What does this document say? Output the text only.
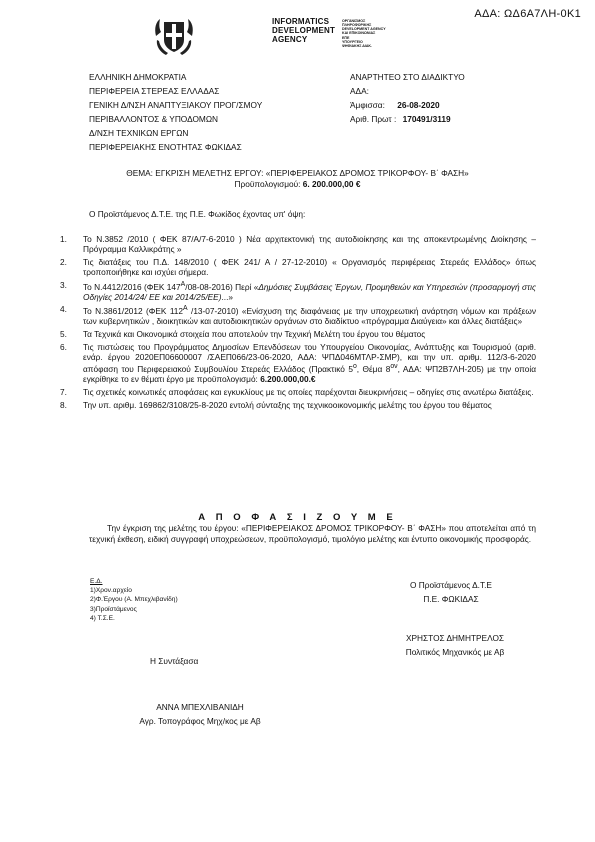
ΑΔΑ: ΩΔ6Α7ΛΗ-0Κ1
INFORMATICS
DEVELOPMENT
AGENCY
ΟΡΓΑΝΙΣΜΟΣ
ΠΛΗΡΟΦΟΡΙΚΗΣ
DEVELOPMENT AGENCY
ΚΑΙ ΕΠΙΚΟΙΝΩΝΙΑΣ
ΕΠΕ
ΥΠΟΥΡΓΕΙΟ
ΨΗΦΙΑΚΗΣ ΔΙΑΚ.
ΕΛΛΗΝΙΚΗ ΔΗΜΟΚΡΑΤΙΑ
ΠΕΡΙΦΕΡΕΙΑ ΣΤΕΡΕΑΣ ΕΛΛΑΔΑΣ
ΓΕΝΙΚΗ Δ/ΝΣΗ ΑΝΑΠΤΥΞΙΑΚΟΥ ΠΡΟΓ/ΣΜΟΥ
ΠΕΡΙΒΑΛΛΟΝΤΟΣ & ΥΠΟΔΟΜΩΝ
Δ/ΝΣΗ ΤΕΧΝΙΚΩΝ ΕΡΓΩΝ
ΠΕΡΙΦΕΡΕΙΑΚΗΣ ΕΝΟΤΗΤΑΣ ΦΩΚΙΔΑΣ
ΑΝΑΡΤΗΤΕΟ ΣΤΟ ΔΙΑΔΙΚΤΥΟ
ΑΔΑ:
Άμφισσα: 26-08-2020
Αριθ. Πρωτ : 170491/3119
ΘΕΜΑ: ΕΓΚΡΙΣΗ ΜΕΛΕΤΗΣ ΕΡΓΟΥ: «ΠΕΡΙΦΕΡΕΙΑΚΟΣ ΔΡΟΜΟΣ ΤΡΙΚΟΡΦΟΥ- Β΄ ΦΑΣΗ»
Προϋπολογισμού: 6. 200.000,00 €
Ο Προϊστάμενος Δ.Τ.Ε. της Π.Ε. Φωκίδος έχοντας υπ' όψη:
1. Το Ν.3852 /2010 ( ΦΕΚ 87/Α/7-6-2010 ) Νέα αρχιτεκτονική της αυτοδιοίκησης και της αποκεντρωμένης Διοίκησης – Πρόγραμμα Καλλικράτης »
2. Τις διατάξεις του Π.Δ. 148/2010 ( ΦΕΚ 241/ Α / 27-12-2010) « Οργανισμός περιφέρειας Στερεάς Ελλάδος» όπως τροποποιήθηκε και ισχύει σήμερα.
3. Το Ν.4412/2016 (ΦΕΚ $147^A/08-08-2016$) Περί «Δημόσιες Συμβάσεις Έργων, Προμηθειών και Υπηρεσιών (προσαρμογή στις Οδηγίες 2014/24/ ΕΕ και 2014/25/ΕΕ)...»
4. Το Ν.3861/2012 (ΦΕΚ $112^A$ /13-07-2010) «Ενίσχυση της διαφάνειας με την υποχρεωτική ανάρτηση νόμων και πράξεων των κυβερνητικών , διοικητικών και αυτοδιοικητικών οργάνων στο διαδίκτυο «πρόγραμμα Διαύγεια» και άλλες διατάξεις»
5. Τα Τεχνικά και Οικονομικά στοιχεία που αποτελούν την Τεχνική Μελέτη του έργου του θέματος
6. Τις πιστώσεις του Προγράμματος Δημοσίων Επενδύσεων του Υπουργείου Οικονομίας, Ανάπτυξης και Τουρισμού (αριθ. ενάρ. έργου 2020ΕΠ06600007 /ΣΑΕΠ066/23-06-2020, ΑΔΑ: ΨΠΔ046ΜΤΛΡ-ΣΜΡ), και την υπ. αριθμ. 112/3-6-2020 απόφαση του Περιφερειακού Συμβουλίου Στερεάς Ελλάδος (Πρακτικό $5^o$, Θέμα $8^{o\nu}$, ΑΔΑ: ΨΠ2Β7ΛΗ-205) με την οποία εγκρίθηκε το εν θέματι έργο με προϋπολογισμό: 6.200.000,00.€
7. Τις σχετικές κοινωτικές αποφάσεις και εγκυκλίους με τις οποίες παρέχονται διευκρινήσεις – οδηγίες στις ανωτέρω διατάξεις.
8. Την υπ. αριθμ. 169862/3108/25-8-2020 εντολή σύνταξης της τεχνικοοικονομικής μελέτης του έργου του θέματος
Α Π Ο Φ Α Σ Ι Ζ Ο Υ Μ Ε
Την έγκριση της μελέτης του έργου: «ΠΕΡΙΦΕΡΕΙΑΚΟΣ ΔΡΟΜΟΣ ΤΡΙΚΟΡΦΟΥ- Β΄ ΦΑΣΗ» που αποτελείται από τη τεχνική έκθεση, ειδική συγγραφή υποχρεώσεων, προϋπολογισμό, τιμολόγιο μελέτης και έντυπο οικονομικής προσφοράς.
Ε.Δ.
1)Χρον.αρχείο
2)Φ.Έργου (Α. Μπεχλιβανίδη)
3)Προϊστάμενος
4) Τ.Σ.Ε.
Ο Προϊστάμενος Δ.Τ.Ε
Π.Ε. ΦΩΚΙΔΑΣ
ΧΡΗΣΤΟΣ ΔΗΜΗΤΡΕΛΟΣ
Πολιτικός Μηχανικός με Αβ
Η Συντάξασα
ΑΝΝΑ ΜΠΕΧΛΙΒΑΝΙΔΗ
Αγρ. Τοπογράφος Μηχ/κος με Αβ
